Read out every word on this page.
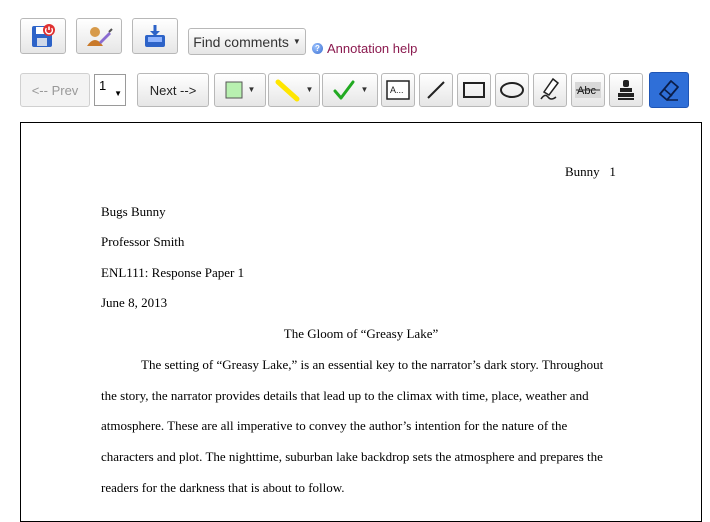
Find comments ▼
? Annotation help
<-- Prev 1
▼ Next -->	▼	▼	▼ A...	Abc
Bunny   1
Bugs Bunny
Professor Smith
ENL111: Response Paper 1
June 8, 2013
The Gloom of “Greasy Lake”
The setting of “Greasy Lake,” is an essential key to the narrator’s dark story. Throughout
the story, the narrator provides details that lead up to the climax with time, place, weather and
atmosphere. These are all imperative to convey the author’s intention for the nature of the
characters and plot. The nighttime, suburban lake backdrop sets the atmosphere and prepares the
readers for the darkness that is about to follow.
